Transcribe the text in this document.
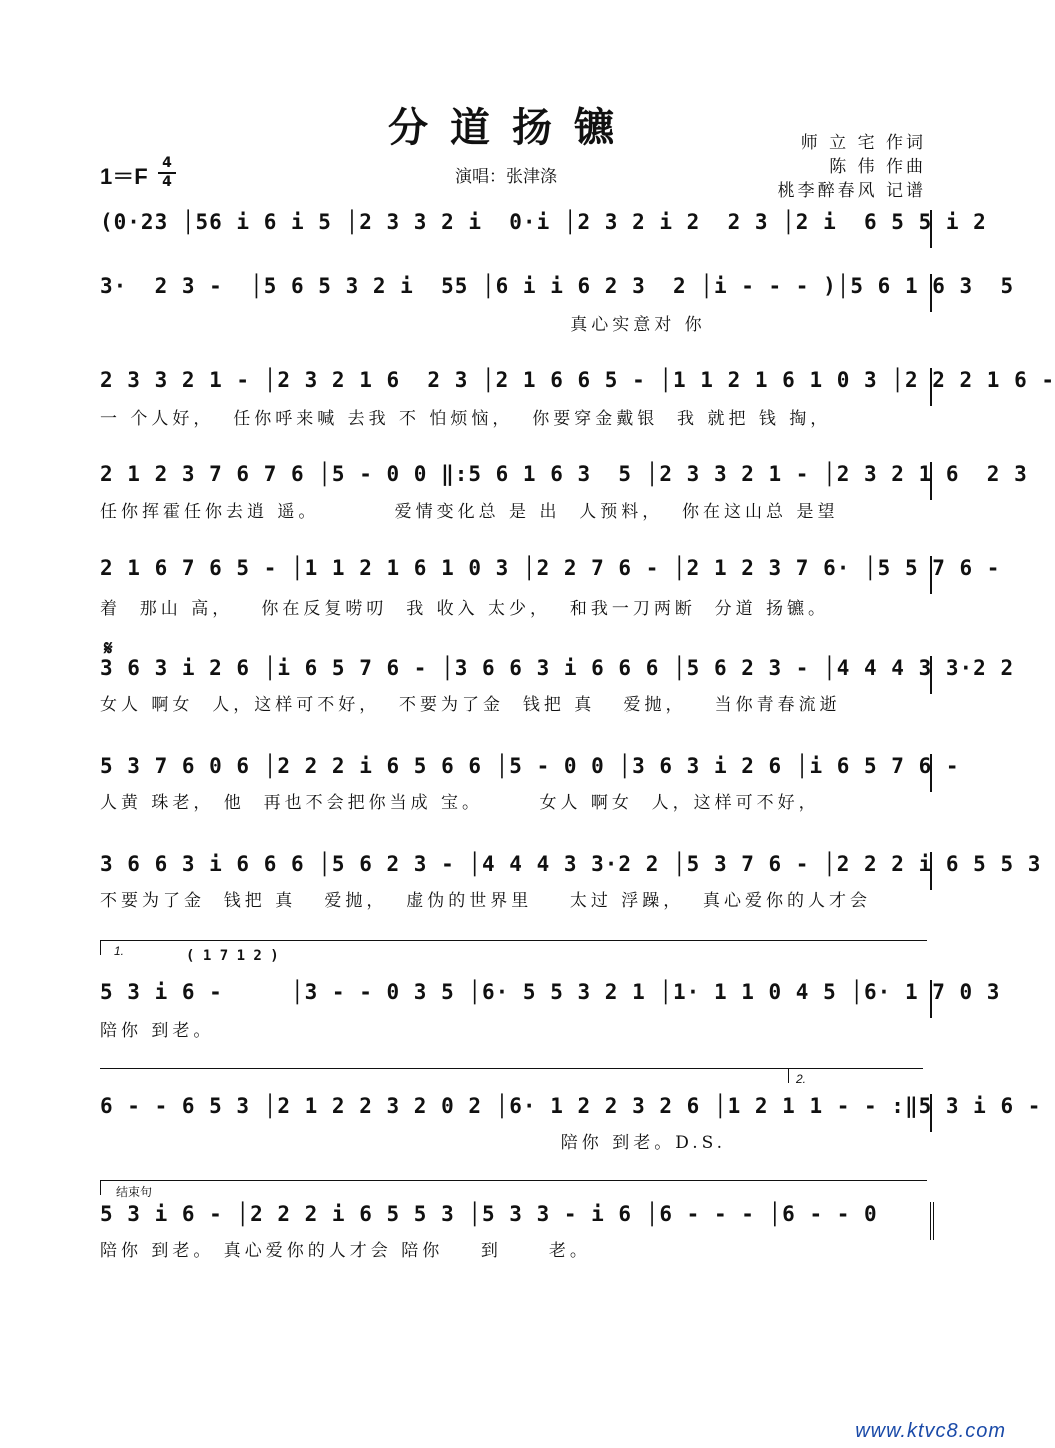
分道扬镳	师 立 宅 作词
陈 伟 作曲
桃李醉春风 记谱
1＝F
4
4	演唱：张津涤
(0·23 │56 i 6 i 5 │2 3 3 2 i  0·i │2 3 2 i 2  2 3 │2 i  6 5 5 i 2
3·  2 3 -  │5 6 5 3 2 i  55 │6 i i 6 2 3  2 │i - - - )│5 6 1 6 3  5
真心实意对 你
2 3 3 2 1 - │2 3 2 1 6  2 3 │2 1 6 6 5 - │1 1 2 1 6 1 0 3 │2 2 2 1 6 -
一 个人好，  任你呼来喊 去我 不 怕烦恼，  你要穿金戴银  我 就把 钱 掏，
2 1 2 3 7 6 7 6 │5 - 0 0 ‖:5 6 1 6 3  5 │2 3 3 2 1 - │2 3 2 1 6  2 3
任你挥霍任你去逍 遥。        爱情变化总 是 出  人预料，  你在这山总 是望
2 1 6 7 6 5 - │1 1 2 1 6 1 0 3 │2 2 7 6 - │2 1 2 3 7 6· │5 5 7 6 -
着  那山 高，   你在反复唠叨  我 收入 太少，  和我一刀两断  分道 扬镳。
𝄋
3 6 3 i 2 6 │i 6 5 7 6 - │3 6 6 3 i 6 6 6 │5 6 2 3 - │4 4 4 3 3·2 2
女人 啊女  人，这样可不好，  不要为了金  钱把 真   爱抛，   当你青春流逝
5 3 7 6 0 6 │2 2 2 i 6 5 6 6 │5 - 0 0 │3 6 3 i 2 6 │i 6 5 7 6 -
人黄 珠老， 他  再也不会把你当成 宝。      女人 啊女  人，这样可不好，
3 6 6 3 i 6 6 6 │5 6 2 3 - │4 4 4 3 3·2 2 │5 3 7 6 - │2 2 2 i 6 5 5 3
不要为了金  钱把 真   爱抛，  虚伪的世界里    太过 浮躁，  真心爱你的人才会
1.	( 1 7 1 2 )
5 3 i 6 -     │3 - - 0 3 5 │6· 5 5 3 2 1 │1· 1 1 0 4 5 │6· 1 7 0 3
陪你 到老。
2.
6 - - 6 5 3 │2 1 2 2 3 2 0 2 │6· 1 2 2 3 2 6 │1 2 1 1 - - :‖5 3 i 6 -
陪你 到老。D.S.
结束句
5 3 i 6 - │2 2 2 i 6 5 5 3 │5 3 3 - i 6 │6 - - - │6 - - 0
陪你 到老。 真心爱你的人才会 陪你    到     老。
www.ktvc8.com
